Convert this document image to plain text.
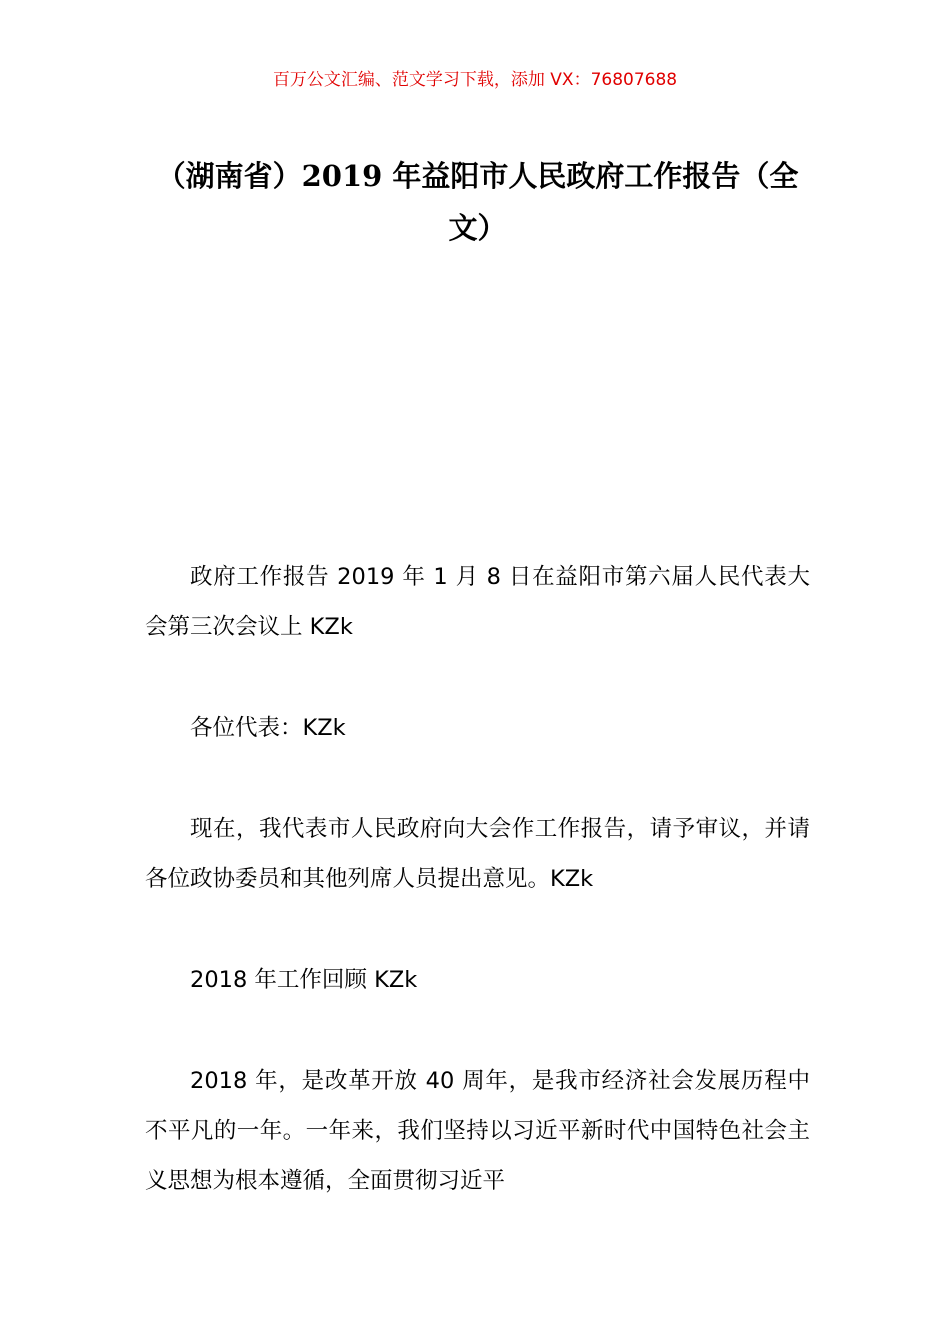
百万公文汇编、范文学习下载，添加 VX：76807688
（湖南省）2019 年益阳市人民政府工作报告（全文）

政府工作报告 2019 年 1 月 8 日在益阳市第六届人民代表大会第三次会议上 KZk

各位代表：KZk

现在，我代表市人民政府向大会作工作报告，请予审议，并请各位政协委员和其他列席人员提出意见。KZk

2018 年工作回顾 KZk

2018 年，是改革开放 40 周年，是我市经济社会发展历程中不平凡的一年。一年来，我们坚持以习近平新时代中国特色社会主义思想为根本遵循，全面贯彻习近平
